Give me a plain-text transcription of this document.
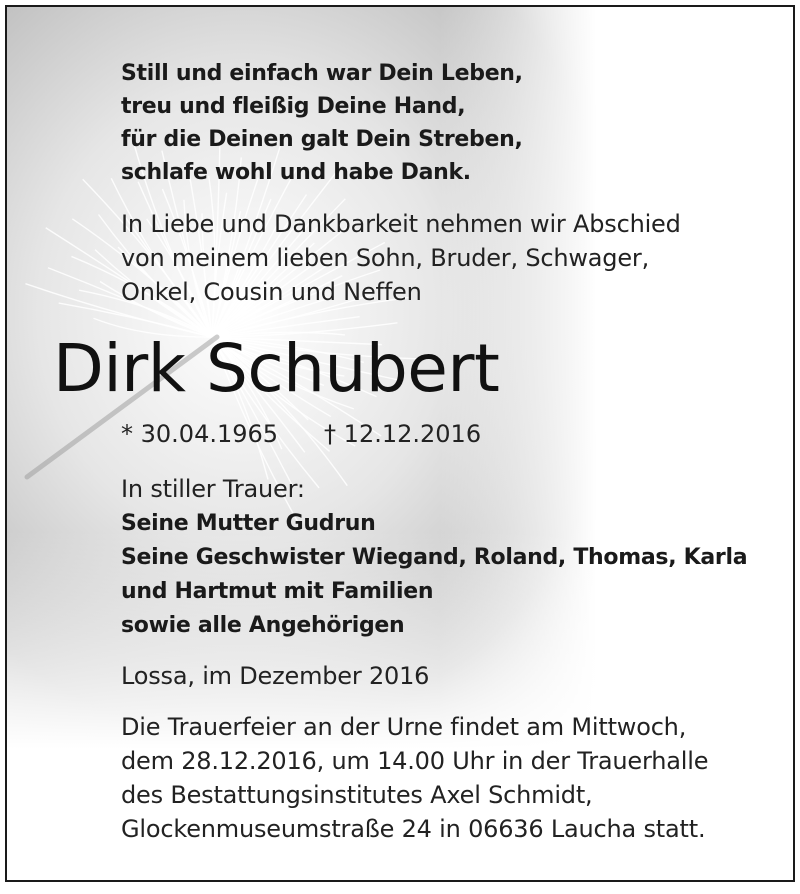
Still und einfach war Dein Leben,
treu und fleißig Deine Hand,
für die Deinen galt Dein Streben,
schlafe wohl und habe Dank.
In Liebe und Dankbarkeit nehmen wir Abschied
von meinem lieben Sohn, Bruder, Schwager,
Onkel, Cousin und Neffen
Dirk Schubert
* 30.04.1965 † 12.12.2016
In stiller Trauer:
Seine Mutter Gudrun
Seine Geschwister Wiegand, Roland, Thomas, Karla
und Hartmut mit Familien
sowie alle Angehörigen
Lossa, im Dezember 2016
Die Trauerfeier an der Urne findet am Mittwoch,
dem 28.12.2016, um 14.00 Uhr in der Trauerhalle
des Bestattungsinstitutes Axel Schmidt,
Glockenmuseumstraße 24 in 06636 Laucha statt.
